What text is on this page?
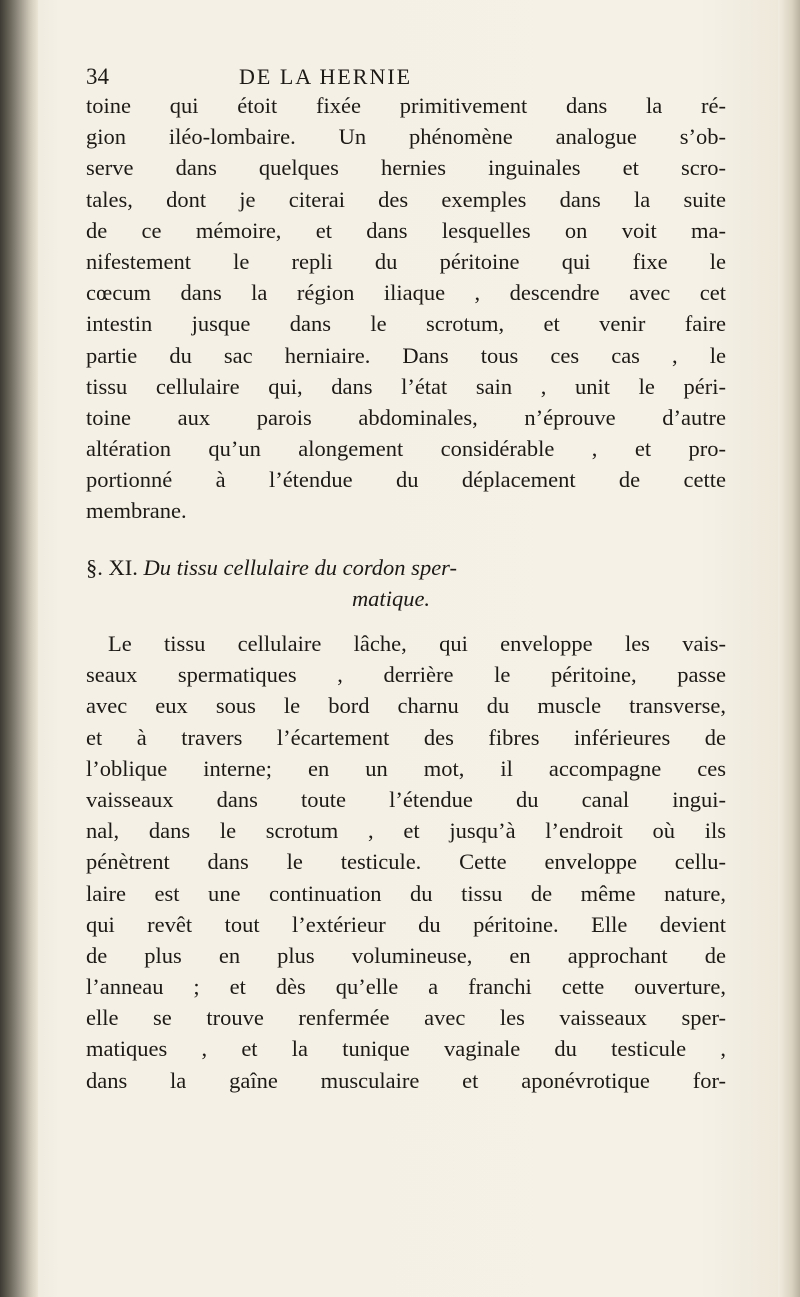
34	DE LA HERNIE
toine qui étoit fixée primitivement dans la ré-
gion iléo-lombaire. Un phénomène analogue s’ob-
serve dans quelques hernies inguinales et scro-
tales, dont je citerai des exemples dans la suite
de ce mémoire, et dans lesquelles on voit ma-
nifestement le repli du péritoine qui fixe le
cœcum dans la région iliaque , descendre avec cet
intestin jusque dans le scrotum, et venir faire
partie du sac herniaire. Dans tous ces cas , le
tissu cellulaire qui, dans l’état sain , unit le péri-
toine aux parois abdominales, n’éprouve d’autre
altération qu’un alongement considérable , et pro-
portionné à l’étendue du déplacement de cette
membrane.
§. XI. Du tissu cellulaire du cordon sper-
matique.
Le tissu cellulaire lâche, qui enveloppe les vais-
seaux spermatiques , derrière le péritoine, passe
avec eux sous le bord charnu du muscle transverse,
et à travers l’écartement des fibres inférieures de
l’oblique interne; en un mot, il accompagne ces
vaisseaux dans toute l’étendue du canal ingui-
nal, dans le scrotum , et jusqu’à l’endroit où ils
pénètrent dans le testicule. Cette enveloppe cellu-
laire est une continuation du tissu de même nature,
qui revêt tout l’extérieur du péritoine. Elle devient
de plus en plus volumineuse, en approchant de
l’anneau ; et dès qu’elle a franchi cette ouverture,
elle se trouve renfermée avec les vaisseaux sper-
matiques , et la tunique vaginale du testicule ,
dans la gaîne musculaire et aponévrotique for-
